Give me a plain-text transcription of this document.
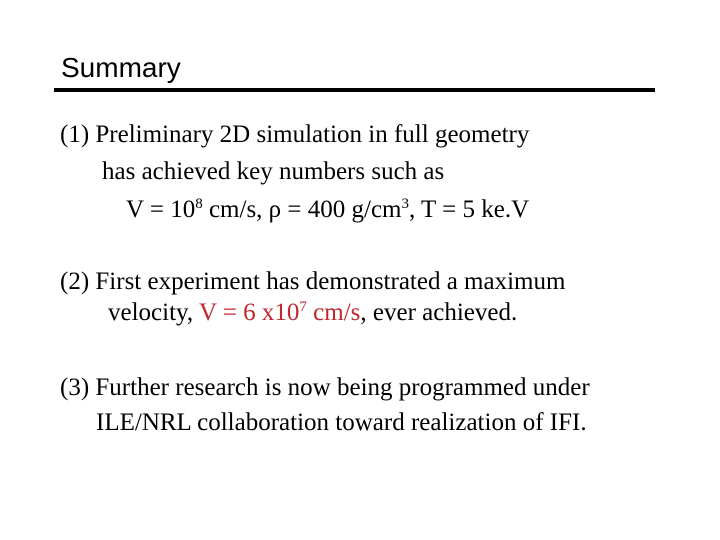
Summary
(1) Preliminary 2D simulation in full geometry
has achieved key numbers such as
$V = 10^8$ cm/s, ρ = 400 $g/cm^3$, T = 5 ke.V
(2) First experiment has demonstrated a maximum
velocity, V = 6 $x10^7$ cm/s, ever achieved.
(3) Further research is now being programmed under
ILE/NRL collaboration toward realization of IFI.
